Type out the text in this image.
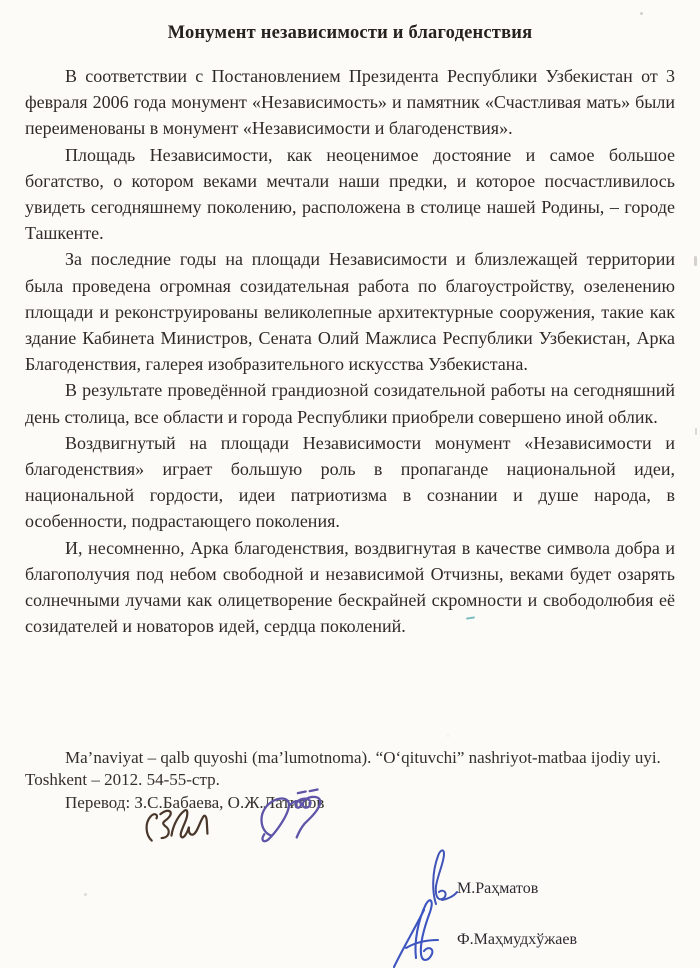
Монумент независимости и благоденствия

В соответствии с Постановлением Президента Республики Узбекистан от 3 февраля 2006 года монумент «Независимость» и памятник «Счастливая мать» были переименованы в монумент «Независимости и благоденствия».

Площадь Независимости, как неоценимое достояние и самое большое богатство, о котором веками мечтали наши предки, и которое посчастливилось увидеть сегодняшнему поколению, расположена в столице нашей Родины, – городе Ташкенте.

За последние годы на площади Независимости и близлежащей территории была проведена огромная созидательная работа по благоустройству, озеленению площади и реконструированы великолепные архитектурные сооружения, такие как здание Кабинета Министров, Сената Олий Мажлиса Республики Узбекистан, Арка Благоденствия, галерея изобразительного искусства Узбекистана.

В результате проведённой грандиозной созидательной работы на сегодняшний день столица, все области и города Республики приобрели совершено иной облик.

Воздвигнутый на площади Независимости монумент «Независимости и благоденствия» играет большую роль в пропаганде национальной идеи, национальной гордости, идеи патриотизма в сознании и душе народа, в особенности, подрастающего поколения.

И, несомненно, Арка благоденствия, воздвигнутая в качестве символа добра и благополучия под небом свободной и независимой Отчизны, веками будет озарять солнечными лучами как олицетворение бескрайней скромности и свободолюбия её созидателей и новаторов идей, сердца поколений.

Ma’naviyat – qalb quyoshi (ma’lumotnoma). “O‘qituvchi” nashriyot-matbaa ijodiy uyi.
Toshkent – 2012. 54-55-стр.
Перевод: З.С.Бабаева, О.Ж.Латипов
М.Раҳматов
Ф.Маҳмудхўжаев
